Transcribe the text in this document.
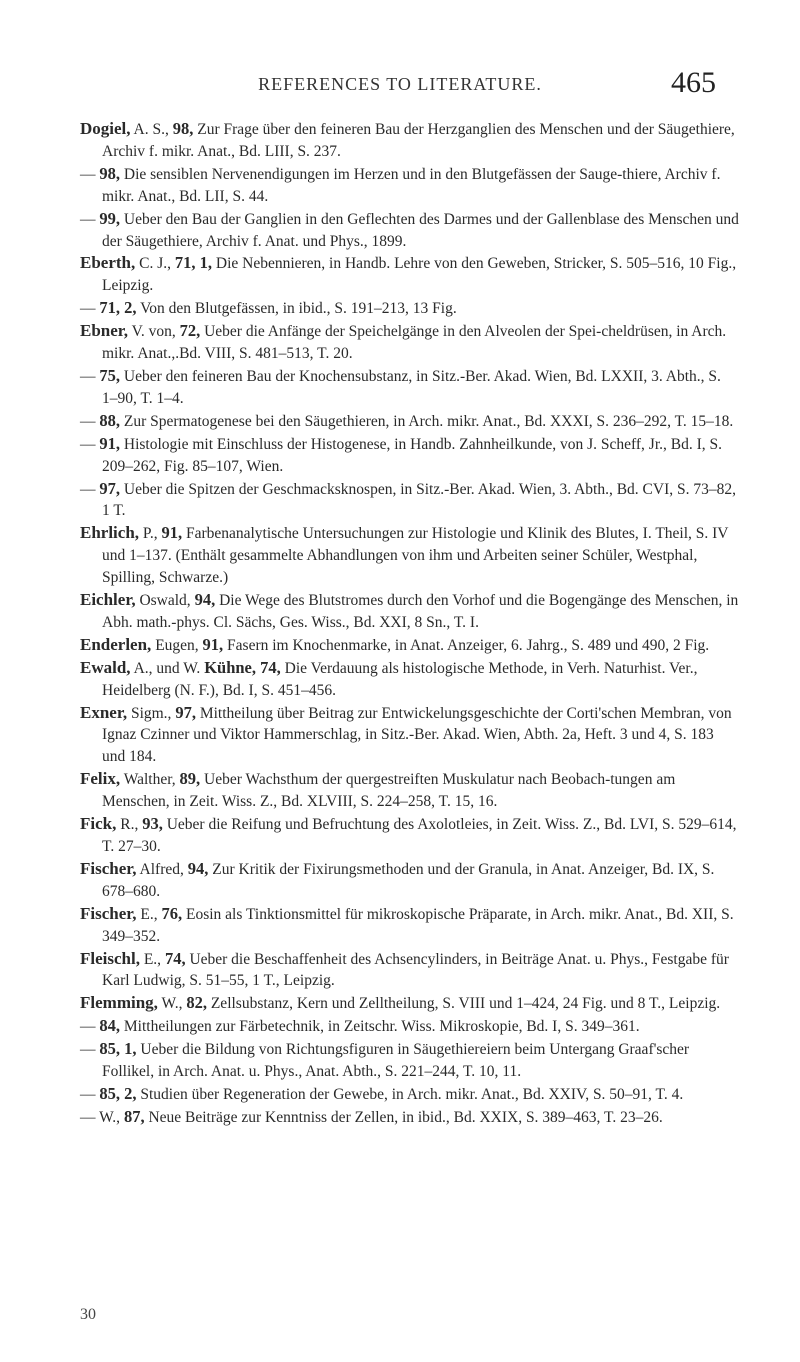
REFERENCES TO LITERATURE.	465

Dogiel, A. S., 98, Zur Frage über den feineren Bau der Herzganglien des Menschen und der Säugethiere, Archiv f. mikr. Anat., Bd. LIII, S. 237.

— 98, Die sensiblen Nervenendigungen im Herzen und in den Blutgefässen der Sauge-thiere, Archiv f. mikr. Anat., Bd. LII, S. 44.

— 99, Ueber den Bau der Ganglien in den Geflechten des Darmes und der Gallenblase des Menschen und der Säugethiere, Archiv f. Anat. und Phys., 1899.

Eberth, C. J., 71, 1, Die Nebennieren, in Handb. Lehre von den Geweben, Stricker, S. 505–516, 10 Fig., Leipzig.

— 71, 2, Von den Blutgefässen, in ibid., S. 191–213, 13 Fig.

Ebner, V. von, 72, Ueber die Anfänge der Speichelgänge in den Alveolen der Spei-cheldrüsen, in Arch. mikr. Anat.,.Bd. VIII, S. 481–513, T. 20.

— 75, Ueber den feineren Bau der Knochensubstanz, in Sitz.-Ber. Akad. Wien, Bd. LXXII, 3. Abth., S. 1–90, T. 1–4.

— 88, Zur Spermatogenese bei den Säugethieren, in Arch. mikr. Anat., Bd. XXXI, S. 236–292, T. 15–18.

— 91, Histologie mit Einschluss der Histogenese, in Handb. Zahnheilkunde, von J. Scheff, Jr., Bd. I, S. 209–262, Fig. 85–107, Wien.

— 97, Ueber die Spitzen der Geschmacksknospen, in Sitz.-Ber. Akad. Wien, 3. Abth., Bd. CVI, S. 73–82, 1 T.

Ehrlich, P., 91, Farbenanalytische Untersuchungen zur Histologie und Klinik des Blutes, I. Theil, S. IV und 1–137. (Enthält gesammelte Abhandlungen von ihm und Arbeiten seiner Schüler, Westphal, Spilling, Schwarze.)

Eichler, Oswald, 94, Die Wege des Blutstromes durch den Vorhof und die Bogengänge des Menschen, in Abh. math.-phys. Cl. Sächs, Ges. Wiss., Bd. XXI, 8 Sn., T. I.

Enderlen, Eugen, 91, Fasern im Knochenmarke, in Anat. Anzeiger, 6. Jahrg., S. 489 und 490, 2 Fig.

Ewald, A., und W. Kühne, 74, Die Verdauung als histologische Methode, in Verh. Naturhist. Ver., Heidelberg (N. F.), Bd. I, S. 451–456.

Exner, Sigm., 97, Mittheilung über Beitrag zur Entwickelungsgeschichte der Corti'schen Membran, von Ignaz Czinner und Viktor Hammerschlag, in Sitz.-Ber. Akad. Wien, Abth. 2a, Heft. 3 und 4, S. 183 und 184.

Felix, Walther, 89, Ueber Wachsthum der quergestreiften Muskulatur nach Beobach-tungen am Menschen, in Zeit. Wiss. Z., Bd. XLVIII, S. 224–258, T. 15, 16.

Fick, R., 93, Ueber die Reifung und Befruchtung des Axolotleies, in Zeit. Wiss. Z., Bd. LVI, S. 529–614, T. 27–30.

Fischer, Alfred, 94, Zur Kritik der Fixirungsmethoden und der Granula, in Anat. Anzeiger, Bd. IX, S. 678–680.

Fischer, E., 76, Eosin als Tinktionsmittel für mikroskopische Präparate, in Arch. mikr. Anat., Bd. XII, S. 349–352.

Fleischl, E., 74, Ueber die Beschaffenheit des Achsencylinders, in Beiträge Anat. u. Phys., Festgabe für Karl Ludwig, S. 51–55, 1 T., Leipzig.

Flemming, W., 82, Zellsubstanz, Kern und Zelltheilung, S. VIII und 1–424, 24 Fig. und 8 T., Leipzig.

— 84, Mittheilungen zur Färbetechnik, in Zeitschr. Wiss. Mikroskopie, Bd. I, S. 349–361.

— 85, 1, Ueber die Bildung von Richtungsfiguren in Säugethiereiern beim Untergang Graaf'scher Follikel, in Arch. Anat. u. Phys., Anat. Abth., S. 221–244, T. 10, 11.

— 85, 2, Studien über Regeneration der Gewebe, in Arch. mikr. Anat., Bd. XXIV, S. 50–91, T. 4.

— W., 87, Neue Beiträge zur Kenntniss der Zellen, in ibid., Bd. XXIX, S. 389–463, T. 23–26.

30
